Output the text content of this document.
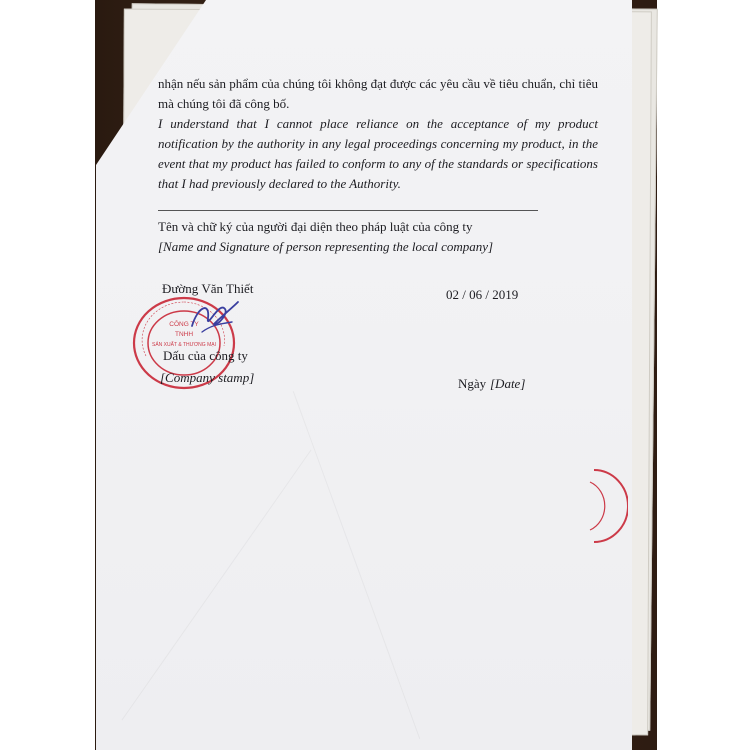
nhận nếu sản phẩm của chúng tôi không đạt được các yêu cầu về tiêu chuẩn, chỉ tiêu mà chúng tôi đã công bố.
I understand that I cannot place reliance on the acceptance of my product notification by the authority in any legal proceedings concerning my product, in the event that my product has failed to conform to any of the standards or specifications that I had previously declared to the Authority.
Tên và chữ ký của người đại diện theo pháp luật của công ty
[Name and Signature of person representing the local company]
Đường Văn Thiết	02 / 06 / 2019
CÔNG TY
TNHH
SẢN XUẤT & THƯƠNG MẠI
Dấu của công ty
[Company stamp]	Ngày [Date]
